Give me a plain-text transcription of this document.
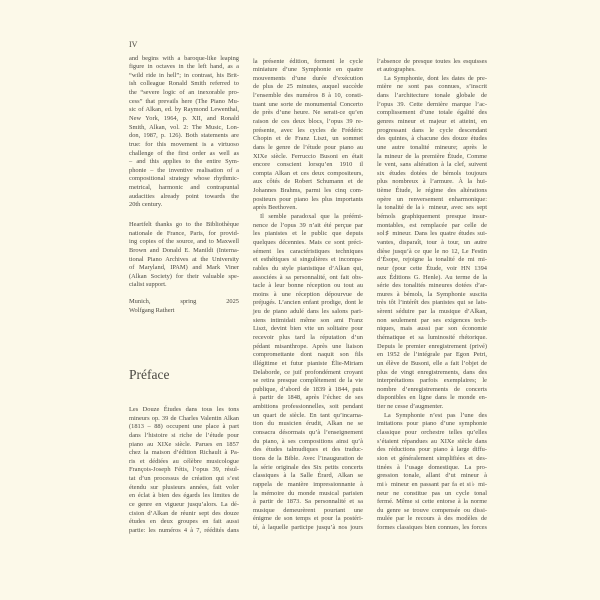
IV
and begins with a baroque-like leaping
figure in octaves in the left hand, as a
“wild ride in hell”; in contrast, his Brit-
ish colleague Ronald Smith referred to
the “severe logic of an inexorable pro-
cess” that prevails here (The Piano Mu-
sic of Alkan, ed. by Raymond Lewenthal,
New York, 1964, p. XII, and Ronald
Smith, Alkan, vol. 2: The Music, Lon-
don, 1987, p. 126). Both statements are
true: for this movement is a virtuoso
challenge of the first order as well as
– and this applies to the entire Sym-
phonie – the inventive realisation of a
compositional strategy whose rhythmic-
metrical, harmonic and contrapuntal
audacities already point towards the
20th century.
Heartfelt thanks go to the Bibliothèque
nationale de France, Paris, for provid-
ing copies of the source, and to Maxwell
Brown and Donald E. Manildi (Interna-
tional Piano Archives at the University
of Maryland, IPAM) and Mark Viner
(Alkan Society) for their valuable spe-
cialist support.
Munich, spring 2025
Wolfgang Rathert
Préface
Les Douze Études dans tous les tons
mineurs op. 39 de Charles Valentin Alkan
(1813 – 88) occupent une place à part
dans l’histoire si riche de l’étude pour
piano au XIXe siècle. Parues en 1857
chez la maison d’édition Richault à Pa-
ris et dédiées au célèbre musicologue
François-Joseph Fétis, l’opus 39, résul-
tat d’un processus de création qui s’est
étendu sur plusieurs années, fait voler
en éclat à bien des égards les limites de
ce genre en vigueur jusqu’alors. La dé-
cision d’Alkan de réunir sept des douze
études en deux groupes en fait aussi
partie: les numéros 4 à 7, réédités dans
la présente édition, forment le cycle
miniature d’une Symphonie en quatre
mouvements d’une durée d’exécution
de plus de 25 minutes, auquel succède
l’ensemble des numéros 8 à 10, consti-
tuant une sorte de monumental Concerto
de près d’une heure. Ne serait-ce qu’en
raison de ces deux blocs, l’opus 39 re-
présente, avec les cycles de Frédéric
Chopin et de Franz Liszt, un sommet
dans le genre de l’étude pour piano au
XIXe siècle. Ferruccio Busoni en était
encore conscient lorsqu’en 1910 il
compta Alkan et ces deux compositeurs,
aux côtés de Robert Schumann et de
Johannes Brahms, parmi les cinq com-
positeurs pour piano les plus importants
après Beethoven.
Il semble paradoxal que la préémi-
nence de l’opus 39 n’ait été perçue par
les pianistes et le public que depuis
quelques décennies. Mais ce sont préci-
sément les caractéristiques techniques
et esthétiques si singulières et incompa-
rables du style pianistique d’Alkan qui,
associées à sa personnalité, ont fait obs-
tacle à leur bonne réception ou tout au
moins à une réception dépourvue de
préjugés. L’ancien enfant prodige, dont le
jeu de piano adulé dans les salons pari-
siens intimidait même son ami Franz
Liszt, devint bien vite un solitaire pour
recevoir plus tard la réputation d’un
pédant misanthrope. Après une liaison
compromettante dont naquit son fils
illégitime et futur pianiste Élie-Miriam
Delaborde, ce juif profondément croyant
se retira presque complètement de la vie
publique, d’abord de 1839 à 1844, puis
à partir de 1848, après l’échec de ses
ambitions professionnelles, soit pendant
un quart de siècle. En tant qu’incarna-
tion du musicien érudit, Alkan ne se
consacra désormais qu’à l’enseignement
du piano, à ses compositions ainsi qu’à
des études talmudiques et des traduc-
tions de la Bible. Avec l’inauguration de
la série originale des Six petits concerts
classiques à la Salle Érard, Alkan se
rappela de manière impressionnante à
la mémoire du monde musical parisien
à partir de 1873. Sa personnalité et sa
musique demeurèrent pourtant une
énigme de son temps et pour la postéri-
té, à laquelle participe jusqu’à nos jours
l’absence de presque toutes les esquisses
et autographes.
La Symphonie, dont les dates de pre-
mière ne sont pas connues, s’inscrit
dans l’architecture tonale globale de
l’opus 39. Cette dernière marque l’ac-
complissement d’une totale égalité des
genres mineur et majeur et atteint, en
progressant dans le cycle descendant
des quintes, à chacune des douze études
une autre tonalité mineure; après le
la mineur de la première Étude, Comme
le vent, sans altération à la clef, suivent
six études dotées de bémols toujours
plus nombreux à l’armure. À la hui-
tième Étude, le régime des altérations
opère un renversement enharmonique:
la tonalité de la♭ mineur, avec ses sept
bémols graphiquement presque insur-
montables, est remplacée par celle de
sol♯ mineur. Dans les quatre études sui-
vantes, disparaît, tour à tour, un autre
dièse jusqu’à ce que le no 12, Le Festin
d’Ésope, rejoigne la tonalité de mi mi-
neur (pour cette Étude, voir HN 1394
aux Éditions G. Henle). Au terme de la
série des tonalités mineures dotées d’ar-
mures à bémols, la Symphonie suscita
très tôt l’intérêt des pianistes qui se lais-
sèrent séduire par la musique d’Alkan,
non seulement par ses exigences tech-
niques, mais aussi par son économie
thématique et sa luminosité rhétorique.
Depuis le premier enregistrement (privé)
en 1952 de l’intégrale par Egon Petri,
un élève de Busoni, elle a fait l’objet de
plus de vingt enregistrements, dans des
interprétations parfois exemplaires; le
nombre d’enregistrements de concerts
disponibles en ligne dans le monde en-
tier ne cesse d’augmenter.
La Symphonie n’est pas l’une des
imitations pour piano d’une symphonie
classique pour orchestre telles qu’elles
s’étaient répandues au XIXe siècle dans
des réductions pour piano à large diffu-
sion et généralement simplifiées et des-
tinées à l’usage domestique. La pro-
gression tonale, allant d’ut mineur à
mi♭ mineur en passant par fa et si♭ mi-
neur ne constitue pas un cycle tonal
fermé. Même si cette entorse à la norme
du genre se trouve compensée ou dissi-
mulée par le recours à des modèles de
formes classiques bien connues, les forces
